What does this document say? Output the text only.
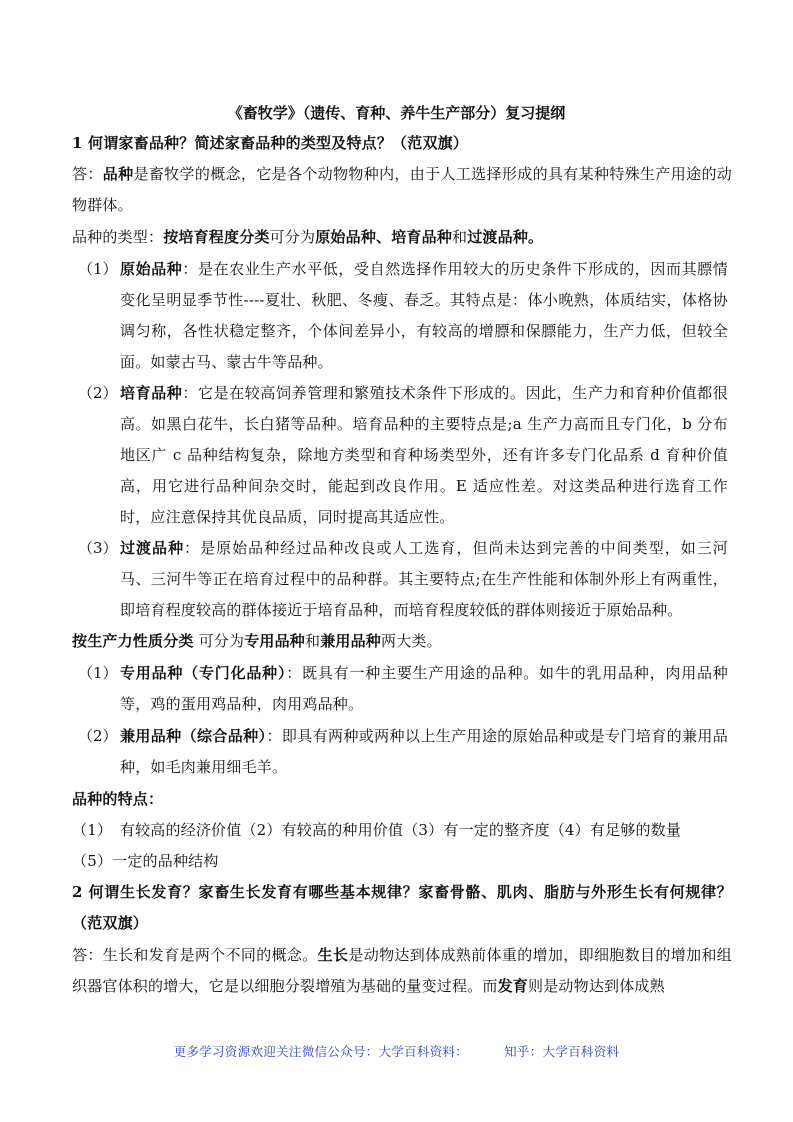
《畜牧学》（遗传、育种、养牛生产部分）复习提纲
1 何谓家畜品种？简述家畜品种的类型及特点？（范双旗）
答：品种是畜牧学的概念，它是各个动物物种内，由于人工选择形成的具有某种特殊生产用途的动物群体。
品种的类型：按培育程度分类可分为原始品种、培育品种和过渡品种。
（1） 原始品种：是在农业生产水平低，受自然选择作用较大的历史条件下形成的，因而其膘情变化呈明显季节性----夏壮、秋肥、冬瘦、春乏。其特点是：体小晚熟，体质结实，体格协调匀称，各性状稳定整齐，个体间差异小，有较高的增膘和保膘能力，生产力低，但较全面。如蒙古马、蒙古牛等品种。
（2） 培育品种：它是在较高饲养管理和繁殖技术条件下形成的。因此，生产力和育种价值都很高。如黑白花牛，长白猪等品种。培育品种的主要特点是;a 生产力高而且专门化，b 分布地区广 c 品种结构复杂，除地方类型和育种场类型外，还有许多专门化品系 d 育种价值高，用它进行品种间杂交时，能起到改良作用。E 适应性差。对这类品种进行选育工作时，应注意保持其优良品质，同时提高其适应性。
（3） 过渡品种：是原始品种经过品种改良或人工选育，但尚未达到完善的中间类型，如三河马、三河牛等正在培育过程中的品种群。其主要特点;在生产性能和体制外形上有两重性，即培育程度较高的群体接近于培育品种，而培育程度较低的群体则接近于原始品种。
按生产力性质分类 可分为专用品种和兼用品种两大类。
（1） 专用品种（专门化品种）：既具有一种主要生产用途的品种。如牛的乳用品种，肉用品种等，鸡的蛋用鸡品种，肉用鸡品种。
（2） 兼用品种（综合品种）：即具有两种或两种以上生产用途的原始品种或是专门培育的兼用品种，如毛肉兼用细毛羊。
品种的特点：
（1）　有较高的经济价值（2）有较高的种用价值（3）有一定的整齐度（4）有足够的数量
（5）一定的品种结构
2 何谓生长发育？家畜生长发育有哪些基本规律？家畜骨骼、肌肉、脂肪与外形生长有何规律？（范双旗）
答：生长和发育是两个不同的概念。生长是动物达到体成熟前体重的增加，即细胞数目的增加和组织器官体积的增大，它是以细胞分裂增殖为基础的量变过程。而发育则是动物达到体成熟
更多学习资源欢迎关注微信公众号：大学百科资料：	知乎：大学百科资料
